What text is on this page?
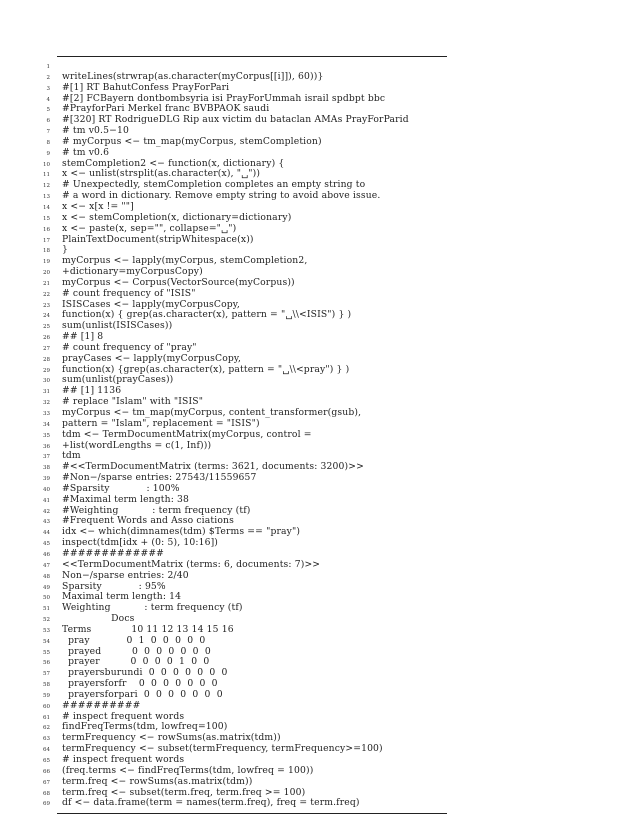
1
2 writeLines(strwrap(as.character(myCorpus[[i]]), 60))}
3 #[1] RT BahutConfess PrayForPari
4 #[2] FCBayern dontbombsyria isi PrayForUmmah israil spdbpt bbc
5 #PrayforPari Merkel franc BVBPAOK saudi
6 #[320] RT RodrigueDLG Rip aux victim du bataclan AMAs PrayForParid
7 # tm v0.5−10
8 # myCorpus <− tm_map(myCorpus, stemCompletion)
9 # tm v0.6
10 stemCompletion2 <− function(x, dictionary) {
11 x <− unlist(strsplit(as.character(x), "␣"))
12 # Unexpectedly, stemCompletion completes an empty string to
13 # a word in dictionary. Remove empty string to avoid above issue.
14 x <− x[x != ""]
15 x <− stemCompletion(x, dictionary=dictionary)
16 x <− paste(x, sep="", collapse="␣")
17 PlainTextDocument(stripWhitespace(x))
18 }
19 myCorpus <− lapply(myCorpus, stemCompletion2,
20 +dictionary=myCorpusCopy)
21 myCorpus <− Corpus(VectorSource(myCorpus))
22 # count frequency of "ISIS"
23 ISISCases <− lapply(myCorpusCopy,
24 function(x) { grep(as.character(x), pattern = "␣\\<ISIS") } )
25 sum(unlist(ISISCases))
26 ## [1] 8
27 # count frequency of "pray"
28 prayCases <− lapply(myCorpusCopy,
29 function(x) {grep(as.character(x), pattern = "␣\\<pray") } )
30 sum(unlist(prayCases))
31 ## [1] 1136
32 # replace "Islam" with "ISIS"
33 myCorpus <− tm_map(myCorpus, content_transformer(gsub),
34 pattern = "Islam", replacement = "ISIS")
35 tdm <− TermDocumentMatrix(myCorpus, control =
36 +list(wordLengths = c(1, Inf)))
37 tdm
38 #<<TermDocumentMatrix (terms: 3621, documents: 3200)>>
39 #Non−/sparse entries: 27543/11559657
40 #Sparsity            : 100%
41 #Maximal term length: 38
42 #Weighting           : term frequency (tf)
43 #Frequent Words and Asso ciations
44 idx <− which(dimnames(tdm) $Terms == "pray")
45 inspect(tdm[idx + (0: 5), 10:16])
46 #############
47 <<TermDocumentMatrix (terms: 6, documents: 7)>>
48 Non−/sparse entries: 2/40
49 Sparsity            : 95%
50 Maximal term length: 14
51 Weighting           : term frequency (tf)
52 Docs
53 Terms             10 11 12 13 14 15 16
54 pray            0  1  0  0  0  0  0
55 prayed          0  0  0  0  0  0  0
56 prayer          0  0  0  0  1  0  0
57 prayersburundi  0  0  0  0  0  0  0
58 prayersforfr    0  0  0  0  0  0  0
59 prayersforpari  0  0  0  0  0  0  0
60 ##########
61 # inspect frequent words
62 findFreqTerms(tdm, lowfreq=100)
63 termFrequency <− rowSums(as.matrix(tdm))
64 termFrequency <− subset(termFrequency, termFrequency>=100)
65 # inspect frequent words
66 (freq.terms <− findFreqTerms(tdm, lowfreq = 100))
67 term.freq <− rowSums(as.matrix(tdm))
68 term.freq <− subset(term.freq, term.freq >= 100)
69 df <− data.frame(term = names(term.freq), freq = term.freq)
